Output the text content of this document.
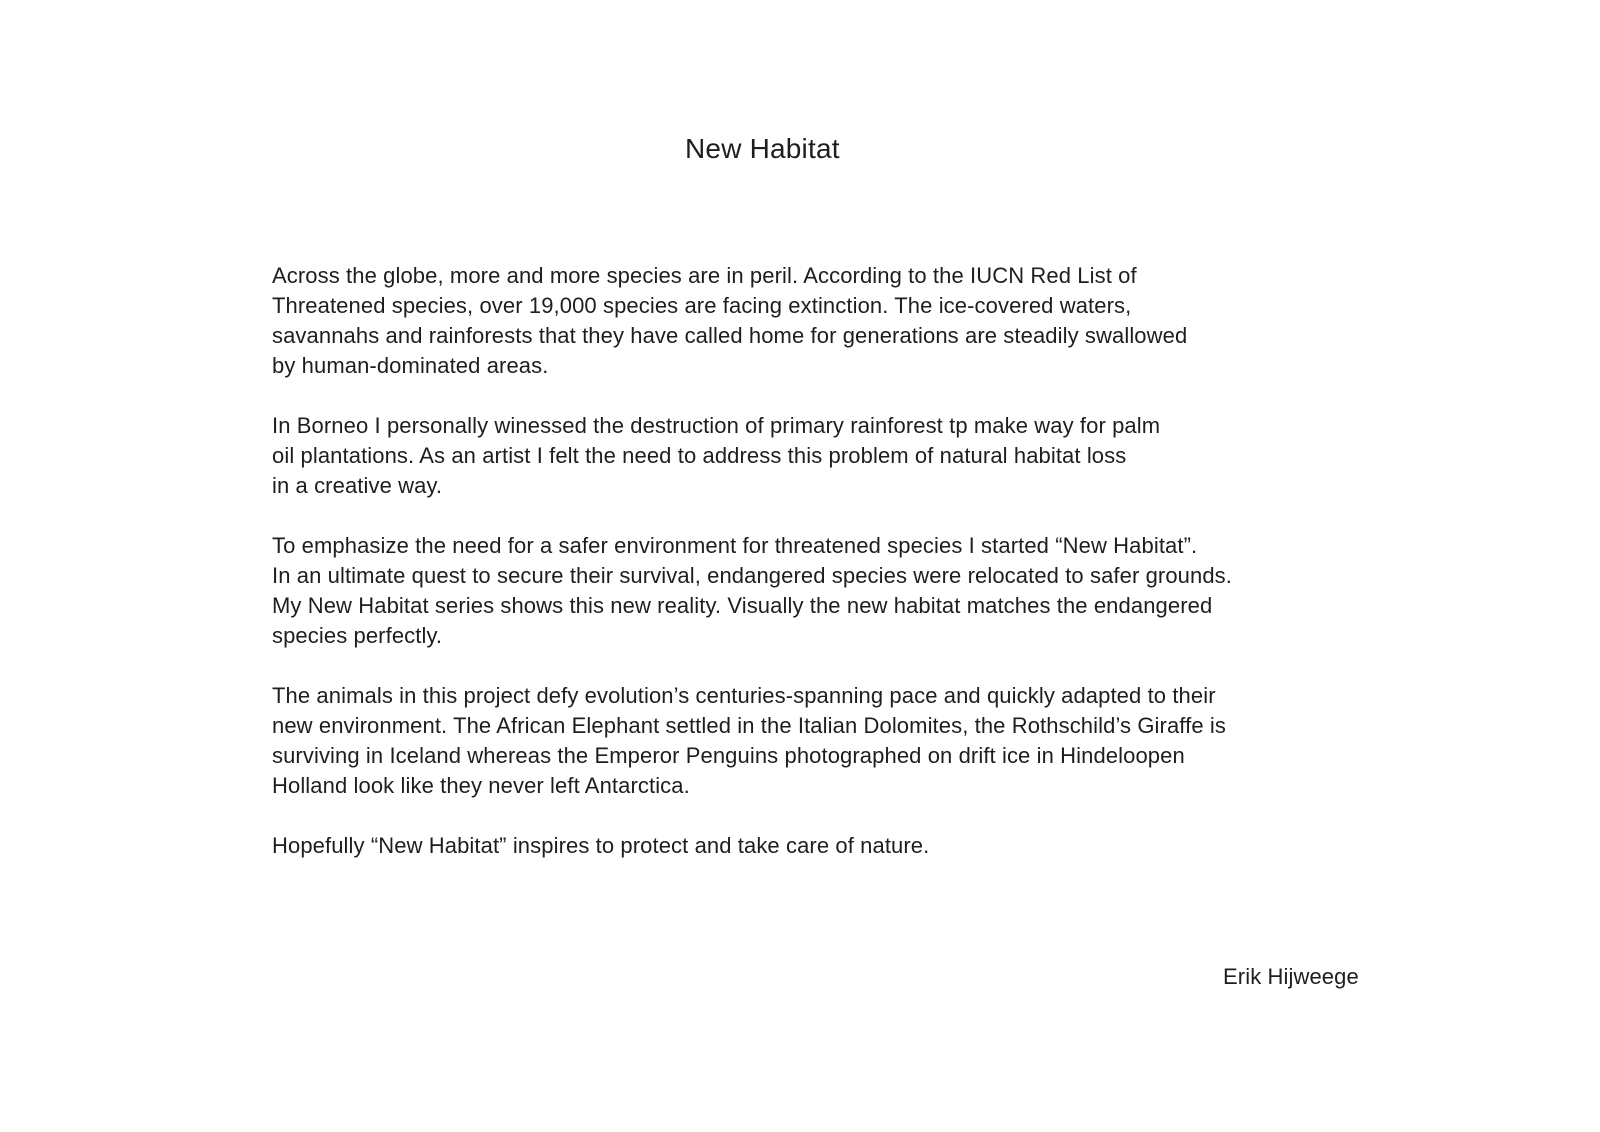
New Habitat
Across the globe, more and more species are in peril. According to the IUCN Red List of
Threatened species, over 19,000 species are facing extinction. The ice-covered waters,
savannahs and rainforests that they have called home for generations are steadily swallowed
by human-dominated areas.
In Borneo I personally winessed the destruction of primary rainforest tp make way for palm
oil plantations. As an artist I felt the need to address this problem of natural habitat loss
in a creative way.
To emphasize the need for a safer environment for threatened species I started “New Habitat”.
In an ultimate quest to secure their survival, endangered species were relocated to safer grounds.
My New Habitat series shows this new reality. Visually the new habitat matches the endangered
species perfectly.
The animals in this project defy evolution’s centuries-spanning pace and quickly adapted to their
new environment. The African Elephant settled in the Italian Dolomites, the Rothschild’s Giraffe is
surviving in Iceland whereas the Emperor Penguins photographed on drift ice in Hindeloopen
Holland look like they never left Antarctica.
Hopefully “New Habitat” inspires to protect and take care of nature.
Erik Hijweege
